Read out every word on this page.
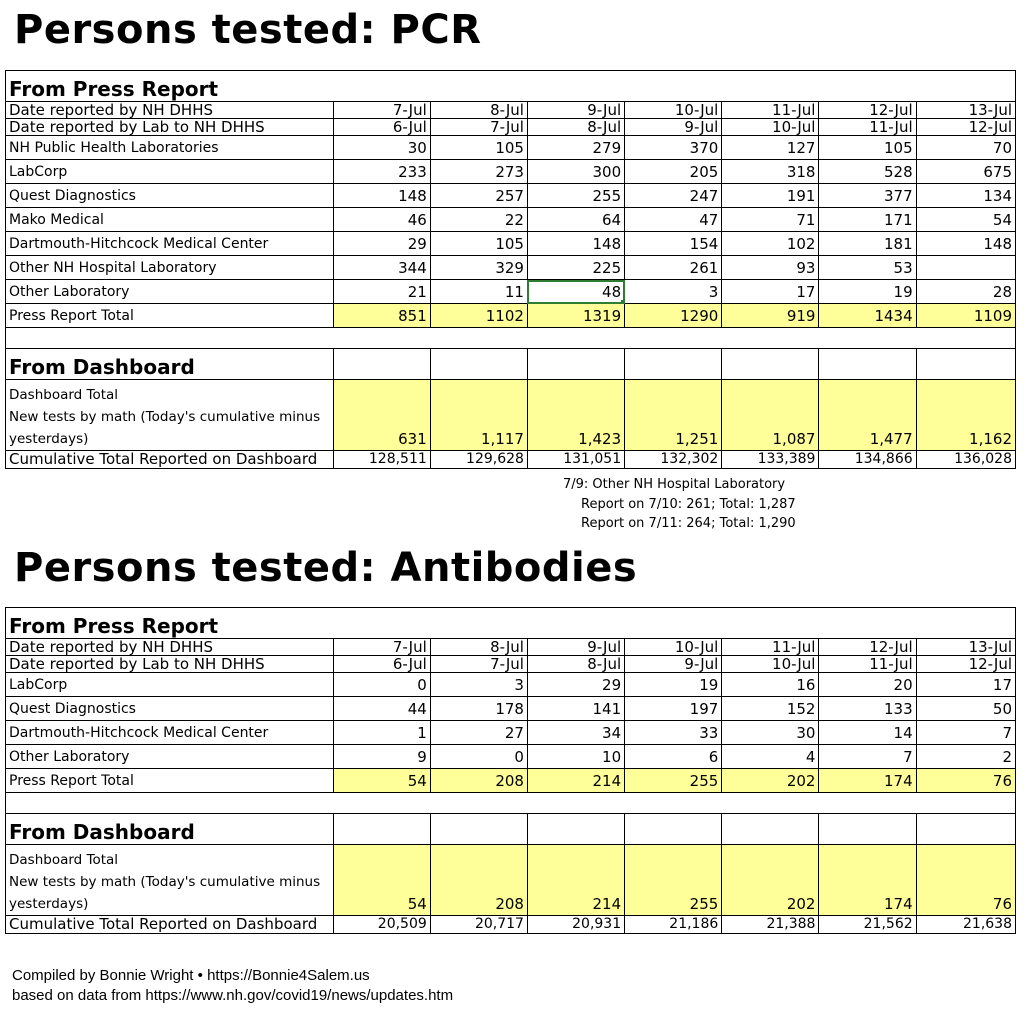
Persons tested: PCR
From Press Report							
Date reported by NH DHHS	7-Jul	8-Jul	9-Jul	10-Jul	11-Jul	12-Jul	13-Jul
Date reported by Lab to NH DHHS	6-Jul	7-Jul	8-Jul	9-Jul	10-Jul	11-Jul	12-Jul
NH Public Health Laboratories	30	105	279	370	127	105	70
LabCorp	233	273	300	205	318	528	675
Quest Diagnostics	148	257	255	247	191	377	134
Mako Medical	46	22	64	47	71	171	54
Dartmouth-Hitchcock Medical Center	29	105	148	154	102	181	148
Other NH Hospital Laboratory	344	329	225	261	93	53	
Other Laboratory	21	11	48	3	17	19	28
Press Report Total	851	1102	1319	1290	919	1434	1109

From Dashboard							

Dashboard Total
New tests by math (Today's cumulative minus
yesterdays)	631	1,117	1,423	1,251	1,087	1,477	1,162
Cumulative Total Reported on Dashboard	128,511	129,628	131,051	132,302	133,389	134,866	136,028
7/9: Other NH Hospital Laboratory
Report on 7/10: 261; Total: 1,287
Report on 7/11: 264; Total: 1,290
Persons tested: Antibodies
From Press Report							
Date reported by NH DHHS	7-Jul	8-Jul	9-Jul	10-Jul	11-Jul	12-Jul	13-Jul
Date reported by Lab to NH DHHS	6-Jul	7-Jul	8-Jul	9-Jul	10-Jul	11-Jul	12-Jul
LabCorp	0	3	29	19	16	20	17
Quest Diagnostics	44	178	141	197	152	133	50
Dartmouth-Hitchcock Medical Center	1	27	34	33	30	14	7
Other Laboratory	9	0	10	6	4	7	2
Press Report Total	54	208	214	255	202	174	76

From Dashboard							

Dashboard Total
New tests by math (Today's cumulative minus
yesterdays)	54	208	214	255	202	174	76
Cumulative Total Reported on Dashboard	20,509	20,717	20,931	21,186	21,388	21,562	21,638
Compiled by Bonnie Wright • https://Bonnie4Salem.us
based on data from https://www.nh.gov/covid19/news/updates.htm
